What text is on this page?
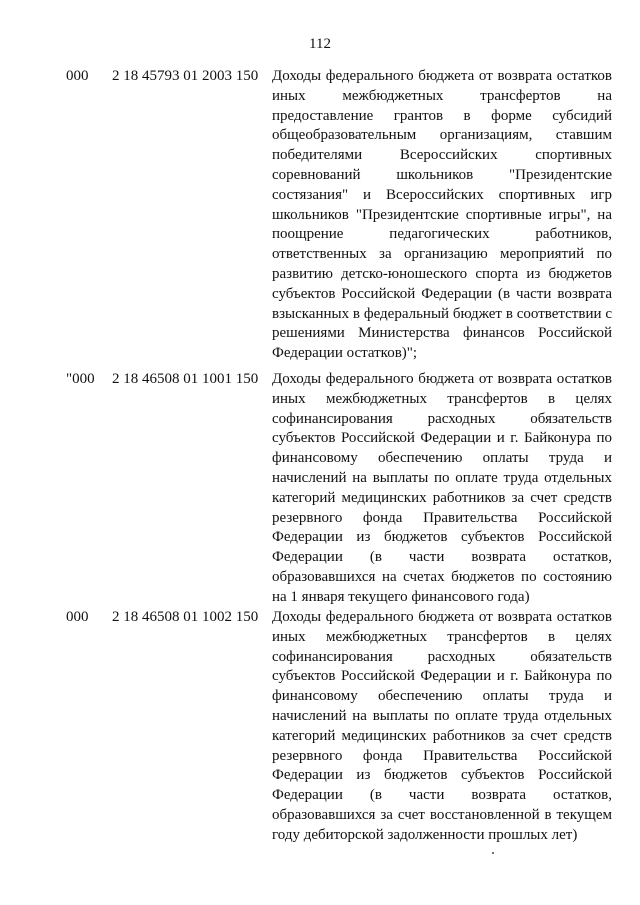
112
000	2 18 45793 01 2003 150 Доходы федерального бюджета от возврата остатков иных межбюджетных трансфертов на предоставление грантов в форме субсидий общеобразовательным организациям, ставшим победителями Всероссийских спортивных соревнований школьников "Президентские состязания" и Всероссийских спортивных игр школьников "Президентские спортивные игры", на поощрение педагогических работников, ответственных за организацию мероприятий по развитию детско-юношеского спорта из бюджетов субъектов Российской Федерации (в части возврата взысканных в федеральный бюджет в соответствии с решениями Министерства финансов Российской Федерации остатков)";
"000	2 18 46508 01 1001 150 Доходы федерального бюджета от возврата остатков иных межбюджетных трансфертов в целях софинансирования расходных обязательств субъектов Российской Федерации и г. Байконура по финансовому обеспечению оплаты труда и начислений на выплаты по оплате труда отдельных категорий медицинских работников за счет средств резервного фонда Правительства Российской Федерации из бюджетов субъектов Российской Федерации (в части возврата остатков, образовавшихся на счетах бюджетов по состоянию на 1 января текущего финансового года)
000	2 18 46508 01 1002 150 Доходы федерального бюджета от возврата остатков иных межбюджетных трансфертов в целях софинансирования расходных обязательств субъектов Российской Федерации и г. Байконура по финансовому обеспечению оплаты труда и начислений на выплаты по оплате труда отдельных категорий медицинских работников за счет средств резервного фонда Правительства Российской Федерации из бюджетов субъектов Российской Федерации (в части возврата остатков, образовавшихся за счет восстановленной в текущем году дебиторской задолженности прошлых лет)
